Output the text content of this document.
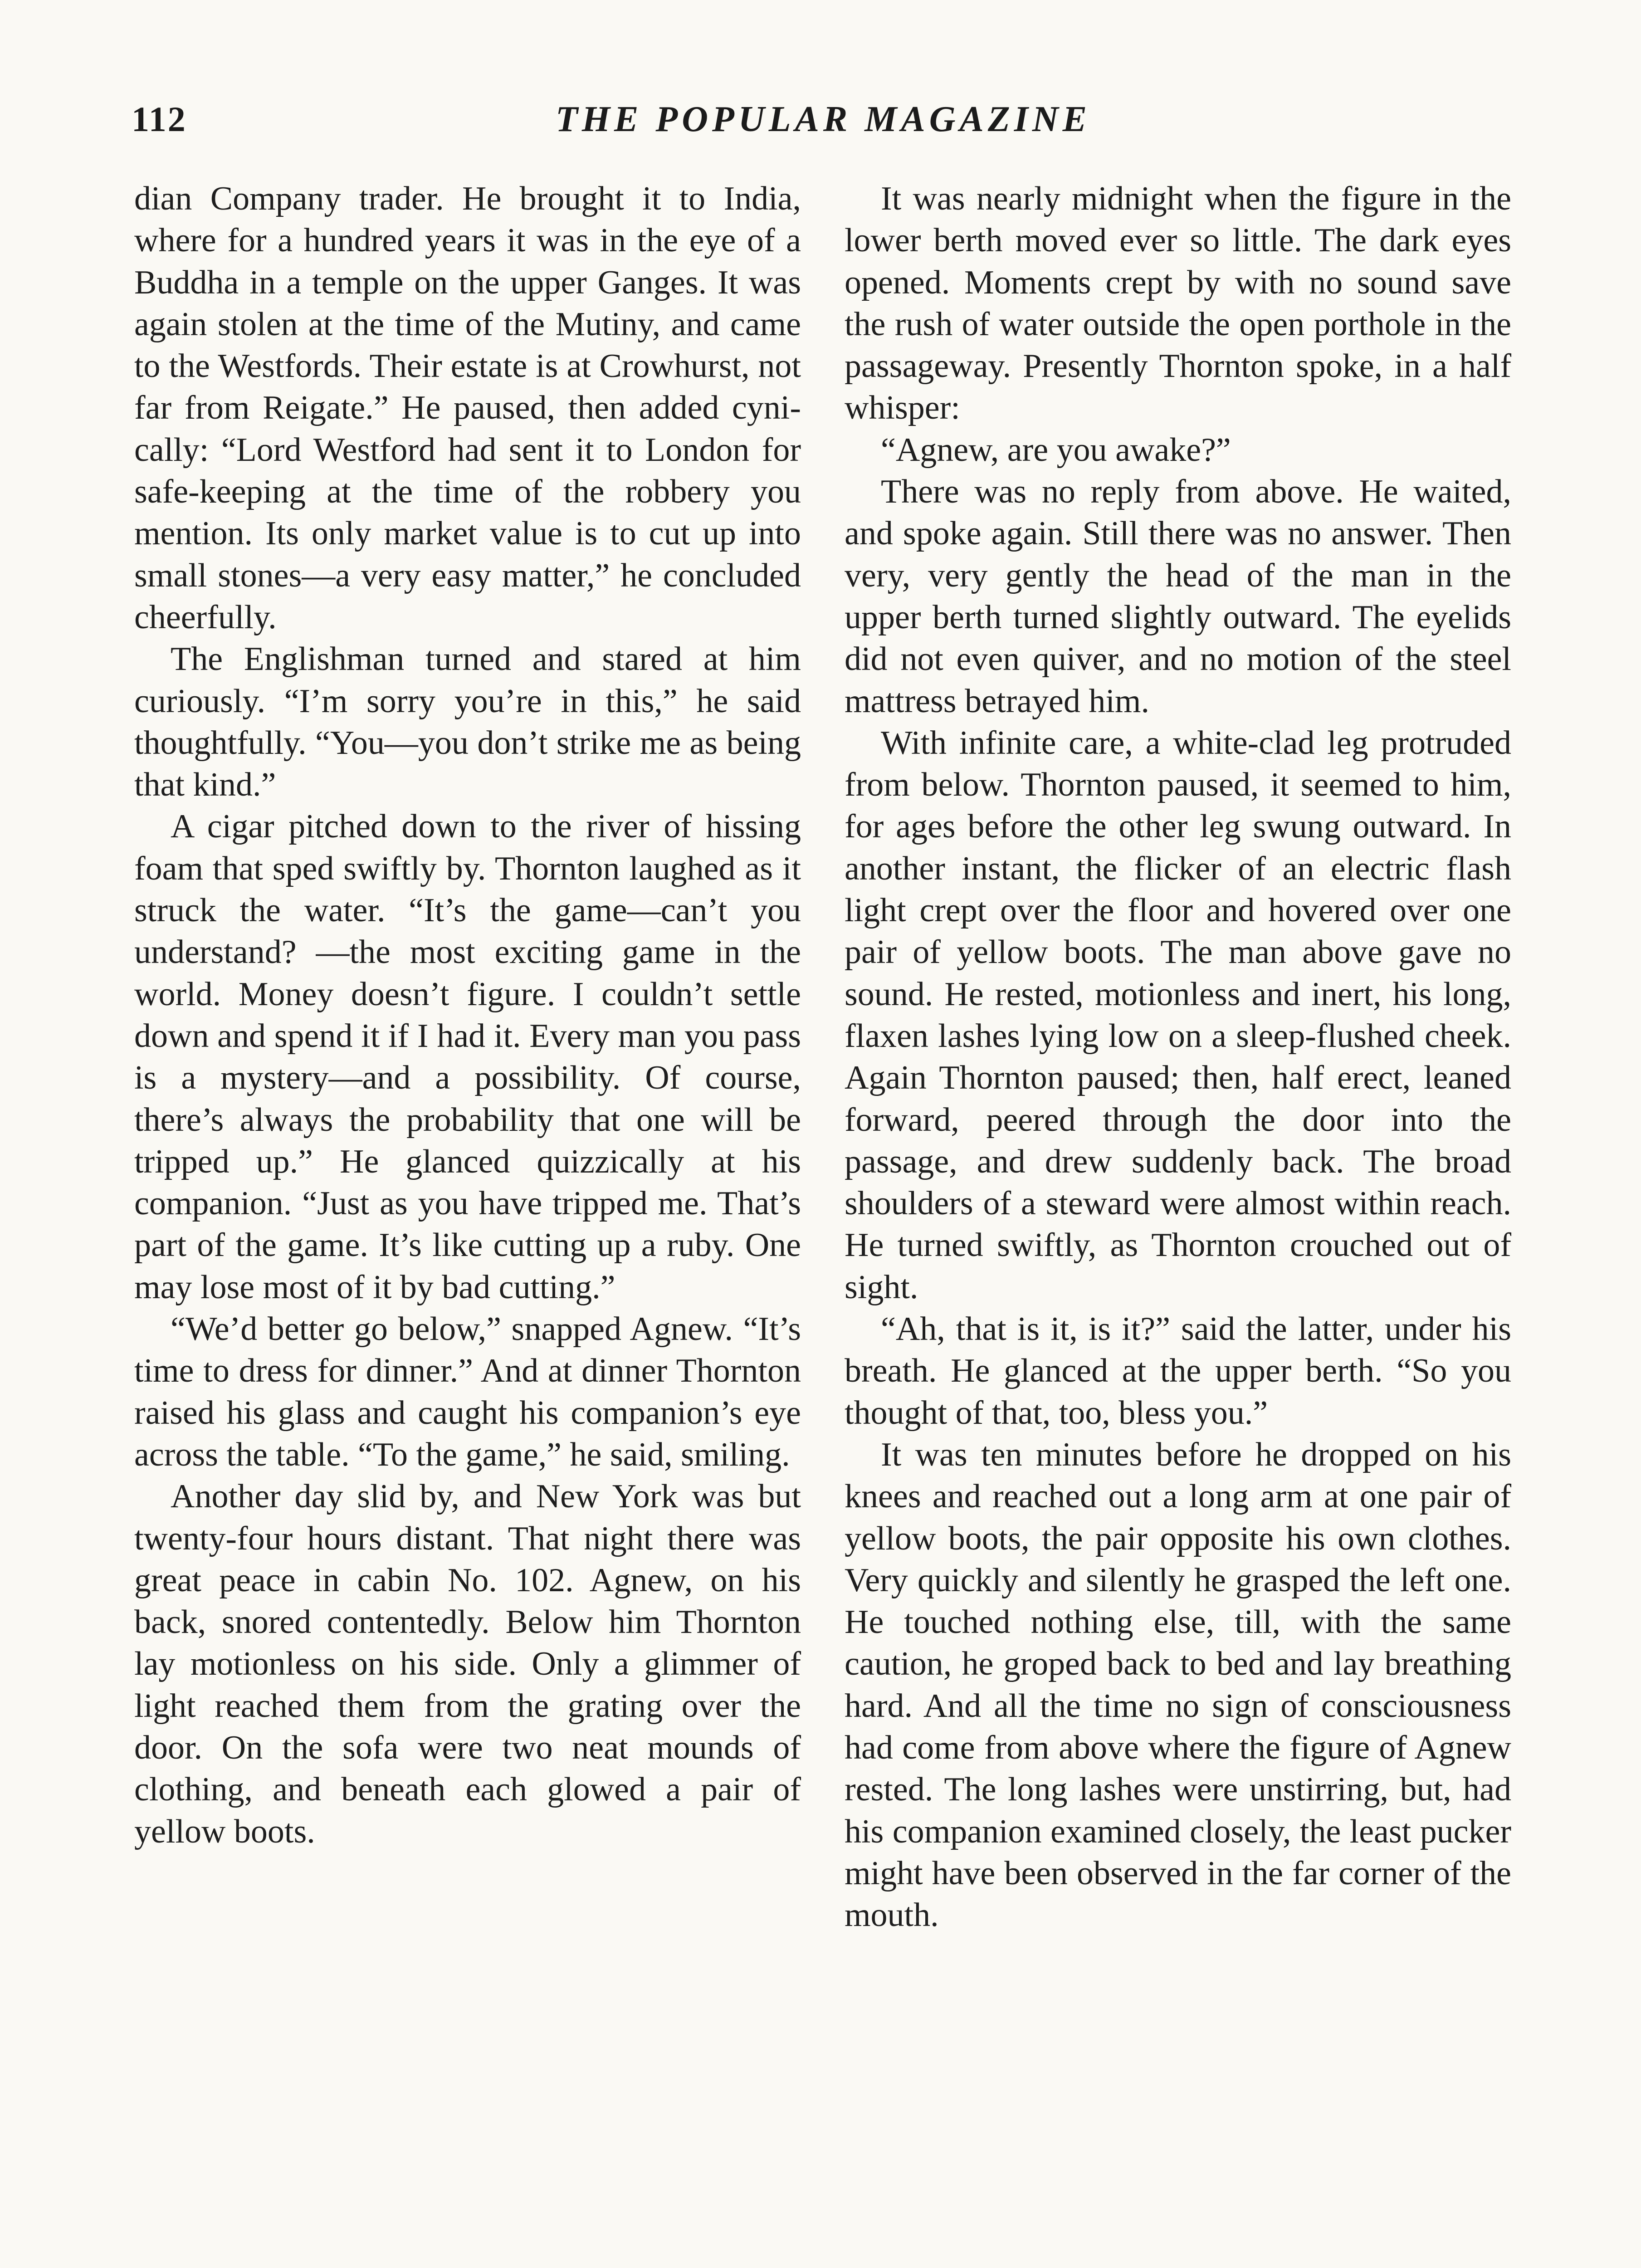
112	THE POPULAR MAGAZINE

dian Company trader. He brought it to India, where for a hundred years it was in the eye of a Buddha in a temple on the upper Ganges. It was again stolen at the time of the Mutiny, and came to the Westfords. Their estate is at Crowhurst, not far from Reigate.” He paused, then added cynically: “Lord Westford had sent it to London for safe-keeping at the time of the robbery you mention. Its only market value is to cut up into small stones—a very easy matter,” he concluded cheerfully.

The Englishman turned and stared at him curiously. “I’m sorry you’re in this,” he said thoughtfully. “You—you don’t strike me as being that kind.”

A cigar pitched down to the river of hissing foam that sped swiftly by. Thornton laughed as it struck the water. “It’s the game—can’t you understand? —the most exciting game in the world. Money doesn’t figure. I couldn’t settle down and spend it if I had it. Every man you pass is a mystery—and a possibility. Of course, there’s always the probability that one will be tripped up.” He glanced quizzically at his companion. “Just as you have tripped me. That’s part of the game. It’s like cutting up a ruby. One may lose most of it by bad cutting.”

“We’d better go below,” snapped Agnew. “It’s time to dress for dinner.” And at dinner Thornton raised his glass and caught his companion’s eye across the table. “To the game,” he said, smiling.

Another day slid by, and New York was but twenty-four hours distant. That night there was great peace in cabin No. 102. Agnew, on his back, snored contentedly. Below him Thornton lay motionless on his side. Only a glimmer of light reached them from the grating over the door. On the sofa were two neat mounds of clothing, and beneath each glowed a pair of yellow boots.

It was nearly midnight when the figure in the lower berth moved ever so little. The dark eyes opened. Moments crept by with no sound save the rush of water outside the open porthole in the passageway. Presently Thornton spoke, in a half whisper:

“Agnew, are you awake?”

There was no reply from above. He waited, and spoke again. Still there was no answer. Then very, very gently the head of the man in the upper berth turned slightly outward. The eyelids did not even quiver, and no motion of the steel mattress betrayed him.

With infinite care, a white-clad leg protruded from below. Thornton paused, it seemed to him, for ages before the other leg swung outward. In another instant, the flicker of an electric flash light crept over the floor and hovered over one pair of yellow boots. The man above gave no sound. He rested, motionless and inert, his long, flaxen lashes lying low on a sleep-flushed cheek. Again Thornton paused; then, half erect, leaned forward, peered through the door into the passage, and drew suddenly back. The broad shoulders of a steward were almost within reach. He turned swiftly, as Thornton crouched out of sight.

“Ah, that is it, is it?” said the latter, under his breath. He glanced at the upper berth. “So you thought of that, too, bless you.”

It was ten minutes before he dropped on his knees and reached out a long arm at one pair of yellow boots, the pair opposite his own clothes. Very quickly and silently he grasped the left one. He touched nothing else, till, with the same caution, he groped back to bed and lay breathing hard. And all the time no sign of consciousness had come from above where the figure of Agnew rested. The long lashes were unstirring, but, had his companion examined closely, the least pucker might have been observed in the far corner of the mouth.
